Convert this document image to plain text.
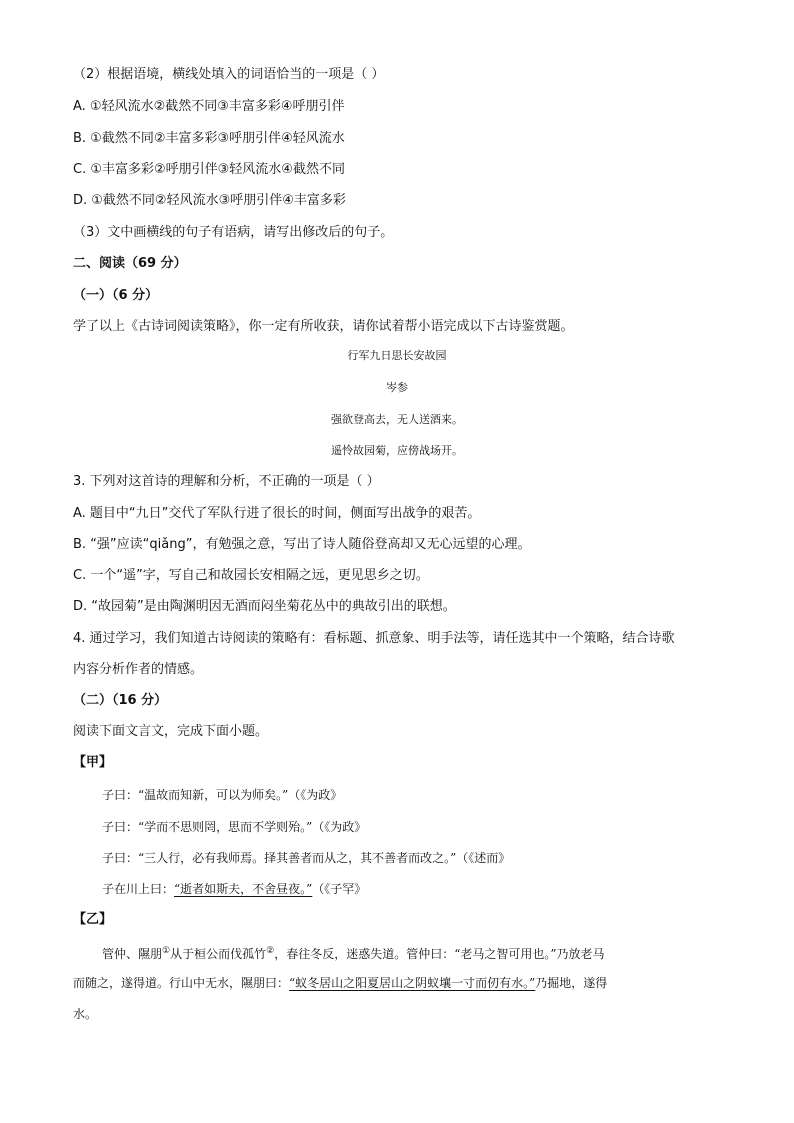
（2）根据语境，横线处填入的词语恰当的一项是（ ）
A. ①轻风流水②截然不同③丰富多彩④呼朋引伴
B. ①截然不同②丰富多彩③呼朋引伴④轻风流水
C. ①丰富多彩②呼朋引伴③轻风流水④截然不同
D. ①截然不同②轻风流水③呼朋引伴④丰富多彩
（3）文中画横线的句子有语病，请写出修改后的句子。
二、阅读（69 分）
（一）（6 分）
学了以上《古诗词阅读策略》，你一定有所收获，请你试着帮小语完成以下古诗鉴赏题。
行军九日思长安故园
岑参
强欲登高去，无人送酒来。
遥怜故园菊，应傍战场开。
3. 下列对这首诗的理解和分析，不正确的一项是（ ）
A. 题目中“九日”交代了军队行进了很长的时间，侧面写出战争的艰苦。
B. “强”应读“qiǎng”，有勉强之意，写出了诗人随俗登高却又无心远望的心理。
C. 一个“遥”字，写自己和故园长安相隔之远，更见思乡之切。
D. “故园菊”是由陶渊明因无酒而闷坐菊花丛中的典故引出的联想。
4. 通过学习，我们知道古诗阅读的策略有：看标题、抓意象、明手法等，请任选其中一个策略，结合诗歌
内容分析作者的情感。
（二）（16 分）
阅读下面文言文，完成下面小题。
【甲】
子曰：“温故而知新，可以为师矣。”（《为政》
子曰：“学而不思则罔，思而不学则殆。”（《为政》
子曰：“三人行，必有我师焉。择其善者而从之，其不善者而改之。”（《述而》
子在川上曰：“逝者如斯夫，不舍昼夜。”（《子罕》
【乙】
管仲、隰朋①从于桓公而伐孤竹②，春往冬反，迷惑失道。管仲曰：“老马之智可用也。”乃放老马
而随之，遂得道。行山中无水，隰朋曰：“蚁冬居山之阳夏居山之阴蚁壤一寸而仞有水。”乃掘地，遂得
水。
